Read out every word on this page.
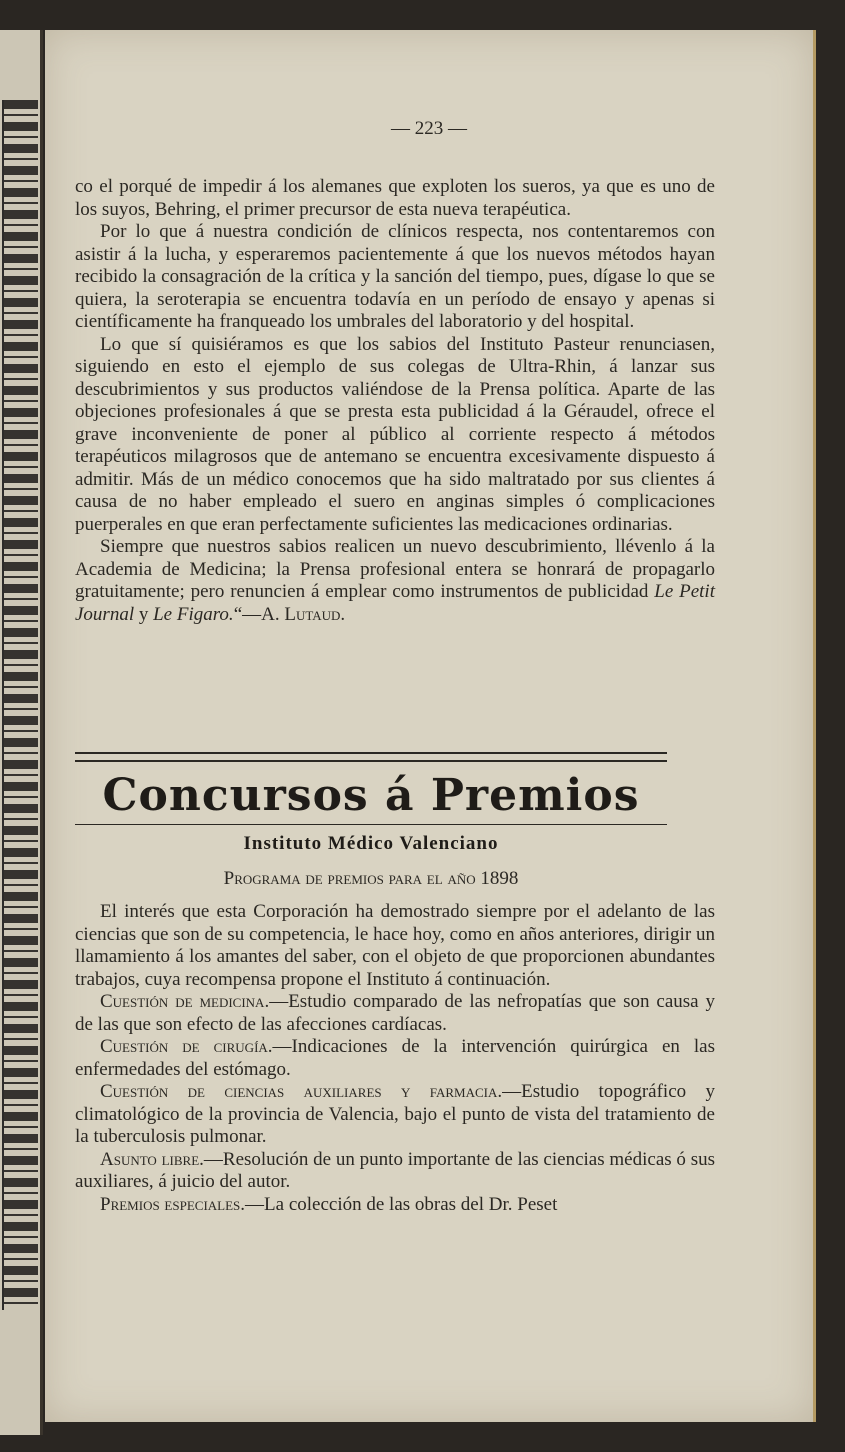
— 223 —

co el porqué de impedir á los alemanes que exploten los sueros, ya que es uno de los suyos, Behring, el primer precursor de esta nueva terapéutica.

Por lo que á nuestra condición de clínicos respecta, nos contentaremos con asistir á la lucha, y esperaremos pacientemente á que los nuevos métodos hayan recibido la consagración de la crítica y la sanción del tiempo, pues, dígase lo que se quiera, la seroterapia se encuentra todavía en un período de ensayo y apenas si científicamente ha franqueado los umbrales del laboratorio y del hospital.

Lo que sí quisiéramos es que los sabios del Instituto Pasteur renunciasen, siguiendo en esto el ejemplo de sus colegas de Ultra-Rhin, á lanzar sus descubrimientos y sus productos valiéndose de la Prensa política. Aparte de las objeciones profesionales á que se presta esta publicidad á la Géraudel, ofrece el grave inconveniente de poner al público al corriente respecto á métodos terapéuticos milagrosos que de antemano se encuentra excesivamente dispuesto á admitir. Más de un médico conocemos que ha sido maltratado por sus clientes á causa de no haber empleado el suero en anginas simples ó complicaciones puerperales en que eran perfectamente suficientes las medicaciones ordinarias.

Siempre que nuestros sabios realicen un nuevo descubrimiento, llévenlo á la Academia de Medicina; la Prensa profesional entera se honrará de propagarlo gratuitamente; pero renuncien á emplear como instrumentos de publicidad Le Petit Journal y Le Figaro.“—A. Lutaud.

Concursos á Premios
Instituto Médico Valenciano
Programa de premios para el año 1898

El interés que esta Corporación ha demostrado siempre por el adelanto de las ciencias que son de su competencia, le hace hoy, como en años anteriores, dirigir un llamamiento á los amantes del saber, con el objeto de que proporcionen abundantes trabajos, cuya recompensa propone el Instituto á continuación.

Cuestión de medicina.—Estudio comparado de las nefropatías que son causa y de las que son efecto de las afecciones cardíacas.

Cuestión de cirugía.—Indicaciones de la intervención quirúrgica en las enfermedades del estómago.

Cuestión de ciencias auxiliares y farmacia.—Estudio topográfico y climatológico de la provincia de Valencia, bajo el punto de vista del tratamiento de la tuberculosis pulmonar.

Asunto libre.—Resolución de un punto importante de las ciencias médicas ó sus auxiliares, á juicio del autor.

Premios especiales.—La colección de las obras del Dr. Peset
